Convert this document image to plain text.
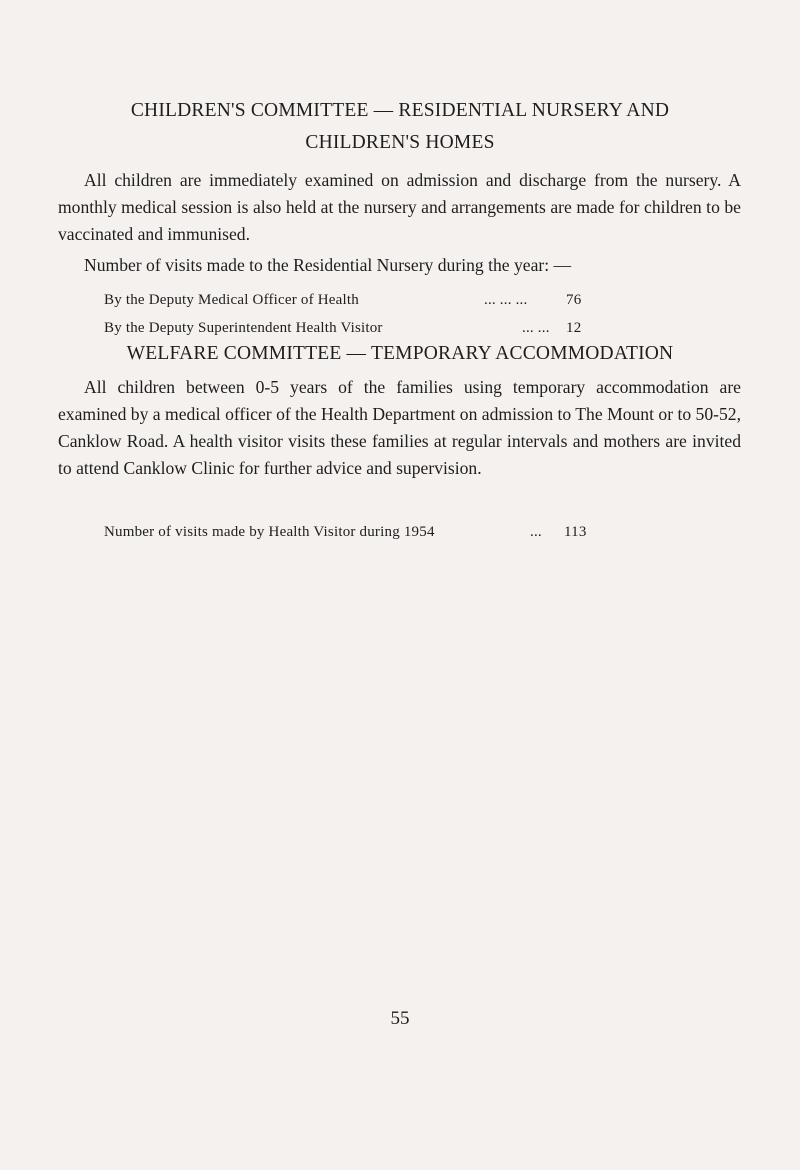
CHILDREN'S COMMITTEE — RESIDENTIAL NURSERY AND
CHILDREN'S HOMES

All children are immediately examined on admission and discharge from the nursery. A monthly medical session is also held at the nursery and arrangements are made for children to be vaccinated and immunised.

Number of visits made to the Residential Nursery during the year: —

By the Deputy Medical Officer of Health	... ... ...	76
By the Deputy Superintendent Health Visitor	... ... 12
WELFARE COMMITTEE — TEMPORARY ACCOMMODATION

All children between 0-5 years of the families using temporary accommodation are examined by a medical officer of the Health Department on admission to The Mount or to 50-52, Canklow Road. A health visitor visits these families at regular intervals and mothers are invited to attend Canklow Clinic for further advice and supervision.

Number of visits made by Health Visitor during 1954	... 113
55
